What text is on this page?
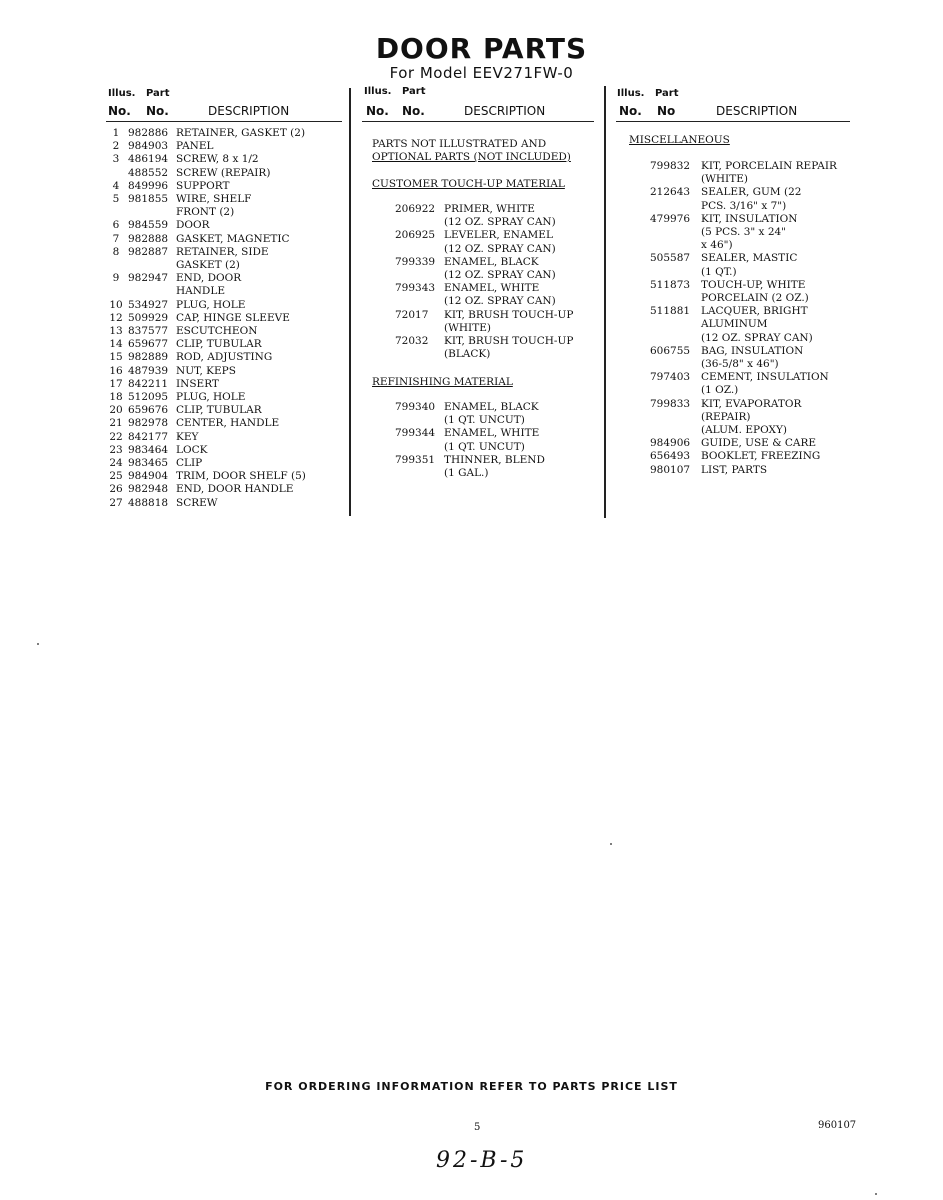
DOOR PARTS
For Model EEV271FW-0
Illus. Part
No. No.	DESCRIPTION
1 982886 RETAINER, GASKET (2)
2 984903 PANEL
3 486194 SCREW, 8 x 1/2
488552 SCREW (REPAIR)
4 849996 SUPPORT
5 981855 WIRE, SHELF
FRONT (2)
6 984559 DOOR
7 982888 GASKET, MAGNETIC
8 982887 RETAINER, SIDE
GASKET (2)
9 982947 END, DOOR
HANDLE
10 534927 PLUG, HOLE
12 509929 CAP, HINGE SLEEVE
13 837577 ESCUTCHEON
14 659677 CLIP, TUBULAR
15 982889 ROD, ADJUSTING
16 487939 NUT, KEPS
17 842211 INSERT
18 512095 PLUG, HOLE
20 659676 CLIP, TUBULAR
21 982978 CENTER, HANDLE
22 842177 KEY
23 983464 LOCK
24 983465 CLIP
25 984904 TRIM, DOOR SHELF (5)
26 982948 END, DOOR HANDLE
27 488818 SCREW
Illus. Part
No. No.	DESCRIPTION
PARTS NOT ILLUSTRATED AND
OPTIONAL PARTS (NOT INCLUDED)
CUSTOMER TOUCH-UP MATERIAL
206922 PRIMER, WHITE
(12 OZ. SPRAY CAN)
206925 LEVELER, ENAMEL
(12 OZ. SPRAY CAN)
799339 ENAMEL, BLACK
(12 OZ. SPRAY CAN)
799343 ENAMEL, WHITE
(12 OZ. SPRAY CAN)
72017 KIT, BRUSH TOUCH-UP
(WHITE)
72032 KIT, BRUSH TOUCH-UP
(BLACK)
REFINISHING MATERIAL
799340 ENAMEL, BLACK
(1 QT. UNCUT)
799344 ENAMEL, WHITE
(1 QT. UNCUT)
799351 THINNER, BLEND
(1 GAL.)
Illus. Part
No. No	DESCRIPTION
MISCELLANEOUS
799832 KIT, PORCELAIN REPAIR
(WHITE)
212643 SEALER, GUM (22
PCS. 3/16" x 7")
479976 KIT, INSULATION
(5 PCS. 3" x 24"
x 46")
505587 SEALER, MASTIC
(1 QT.)
511873 TOUCH-UP, WHITE
PORCELAIN (2 OZ.)
511881 LACQUER, BRIGHT
ALUMINUM
(12 OZ. SPRAY CAN)
606755 BAG, INSULATION
(36-5/8" x 46")
797403 CEMENT, INSULATION
(1 OZ.)
799833 KIT, EVAPORATOR
(REPAIR)
(ALUM. EPOXY)
984906 GUIDE, USE & CARE
656493 BOOKLET, FREEZING
980107 LIST, PARTS
FOR ORDERING INFORMATION REFER TO PARTS PRICE LIST
5	960107
92-B-5
